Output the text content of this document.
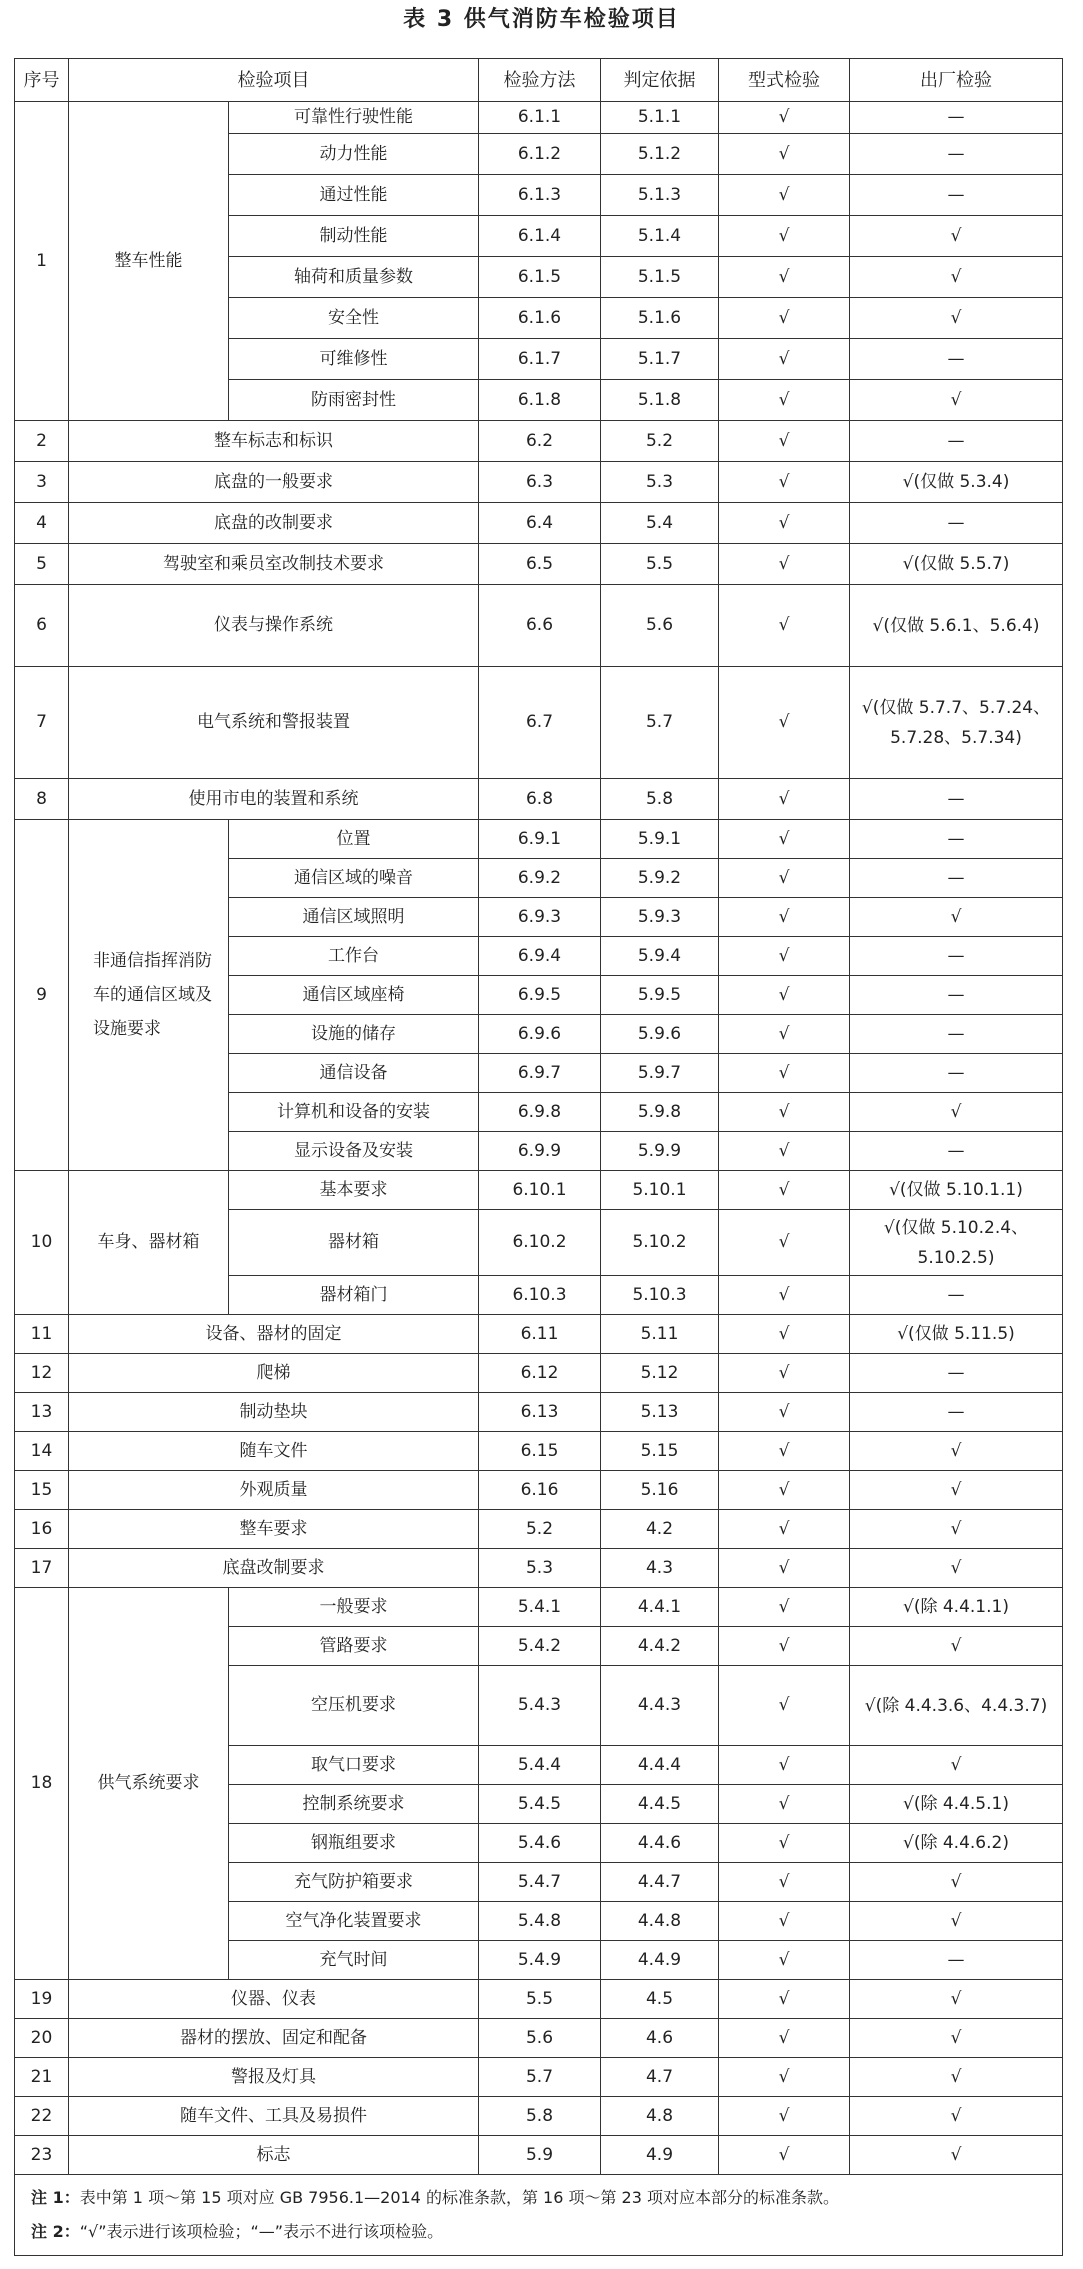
表 3 供气消防车检验项目
序号	检验项目		检验方法	判定依据	型式检验	出厂检验
1	整车性能	可靠性行驶性能	6.1.1	5.1.1	√	—
		动力性能	6.1.2	5.1.2	√	—
		通过性能	6.1.3	5.1.3	√	—
		制动性能	6.1.4	5.1.4	√	√
		轴荷和质量参数	6.1.5	5.1.5	√	√
		安全性	6.1.6	5.1.6	√	√
		可维修性	6.1.7	5.1.7	√	—
		防雨密封性	6.1.8	5.1.8	√	√
2	整车标志和标识		6.2	5.2	√	—
3	底盘的一般要求		6.3	5.3	√	√(仅做 5.3.4)
4	底盘的改制要求		6.4	5.4	√	—
5	驾驶室和乘员室改制技术要求		6.5	5.5	√	√(仅做 5.5.7)
6	仪表与操作系统		6.6	5.6	√	√(仅做 5.6.1、5.6.4)
7	电气系统和警报装置		6.7	5.7	√	√(仅做 5.7.7、5.7.24、5.7.28、5.7.34)
8	使用市电的装置和系统		6.8	5.8	√	—
9	非通信指挥消防车的通信区域及设施要求	位置	6.9.1	5.9.1	√	—
		通信区域的噪音	6.9.2	5.9.2	√	—
		通信区域照明	6.9.3	5.9.3	√	√
		工作台	6.9.4	5.9.4	√	—
		通信区域座椅	6.9.5	5.9.5	√	—
		设施的储存	6.9.6	5.9.6	√	—
		通信设备	6.9.7	5.9.7	√	—
		计算机和设备的安装	6.9.8	5.9.8	√	√
		显示设备及安装	6.9.9	5.9.9	√	—
10	车身、器材箱	基本要求	6.10.1	5.10.1	√	√(仅做 5.10.1.1)
		器材箱	6.10.2	5.10.2	√	√(仅做 5.10.2.4、5.10.2.5)
		器材箱门	6.10.3	5.10.3	√	—
11	设备、器材的固定		6.11	5.11	√	√(仅做 5.11.5)
12	爬梯		6.12	5.12	√	—
13	制动垫块		6.13	5.13	√	—
14	随车文件		6.15	5.15	√	√
15	外观质量		6.16	5.16	√	√
16	整车要求		5.2	4.2	√	√
17	底盘改制要求		5.3	4.3	√	√
18	供气系统要求	一般要求	5.4.1	4.4.1	√	√(除 4.4.1.1)
		管路要求	5.4.2	4.4.2	√	√
		空压机要求	5.4.3	4.4.3	√	√(除 4.4.3.6、4.4.3.7)
		取气口要求	5.4.4	4.4.4	√	√
		控制系统要求	5.4.5	4.4.5	√	√(除 4.4.5.1)
		钢瓶组要求	5.4.6	4.4.6	√	√(除 4.4.6.2)
		充气防护箱要求	5.4.7	4.4.7	√	√
		空气净化装置要求	5.4.8	4.4.8	√	√
		充气时间	5.4.9	4.4.9	√	—
19	仪器、仪表		5.5	4.5	√	√
20	器材的摆放、固定和配备		5.6	4.6	√	√
21	警报及灯具		5.7	4.7	√	√
22	随车文件、工具及易损件		5.8	4.8	√	√
23	标志		5.9	4.9	√	√

注 1：表中第 1 项～第 15 项对应 GB 7956.1—2014 的标准条款，第 16 项～第 23 项对应本部分的标准条款。
注 2：“√”表示进行该项检验；“—”表示不进行该项检验。						
